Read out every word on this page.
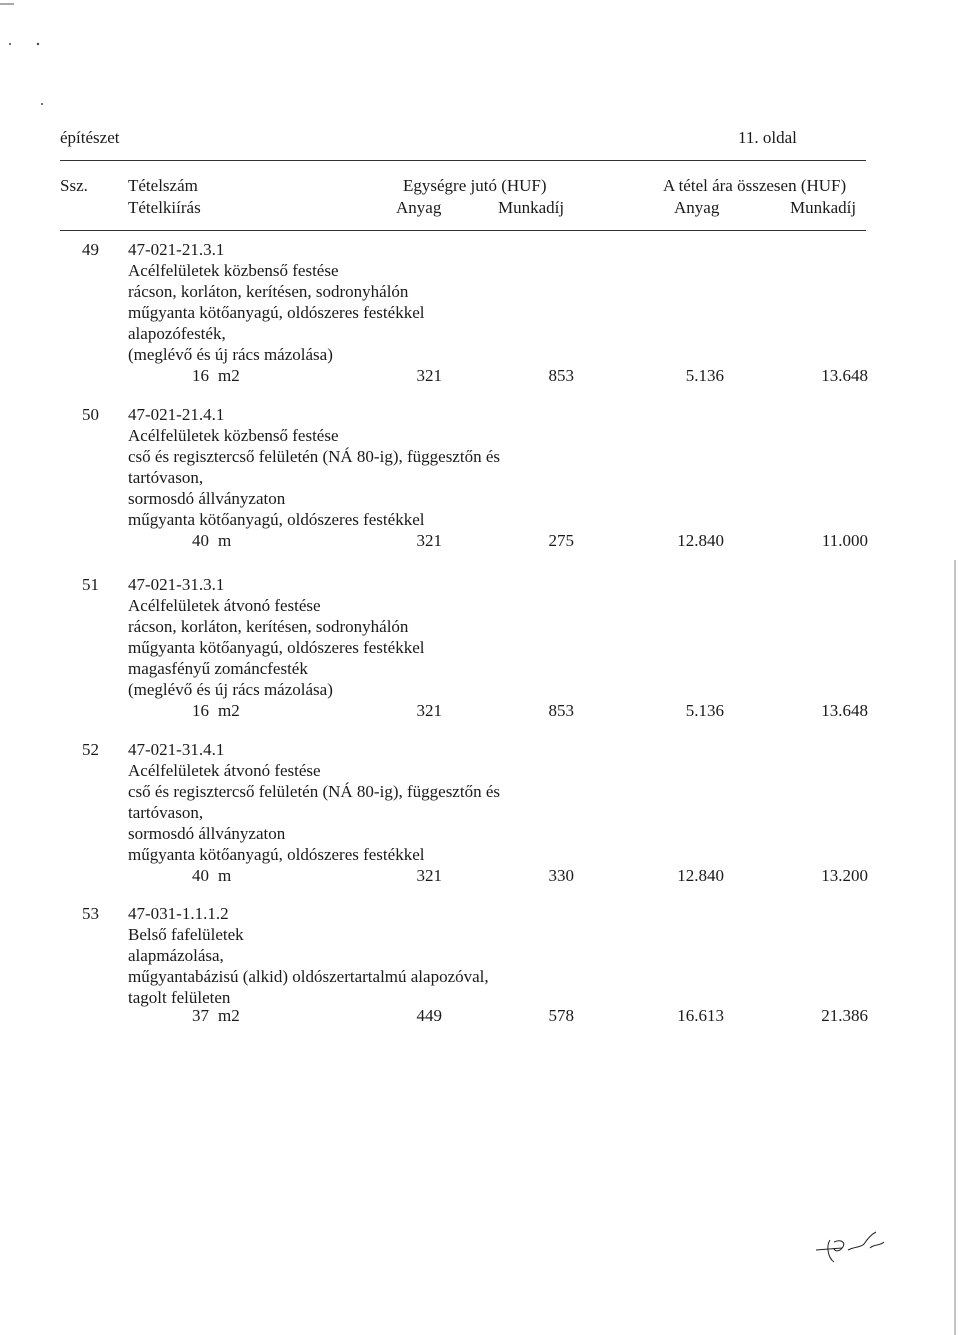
építészet	11. oldal
Ssz. Tételszám
Tételkiírás
Egységre jutó (HUF)	A tétel ára összesen (HUF)
Anyag	Munkadíj	Anyag	Munkadíj
49 47-021-21.3.1
Acélfelületek közbenső festése
rácson, korláton, kerítésen, sodronyhálón
műgyanta kötőanyagú, oldószeres festékkel
alapozófesték,
(meglévő és új rács mázolása)
16 m2	321	853	5.136	13.648
50 47-021-21.4.1
Acélfelületek közbenső festése
cső és regisztercső felületén (NÁ 80-ig), függesztőn és
tartóvason,
sormosdó állványzaton
műgyanta kötőanyagú, oldószeres festékkel
40 m	321	275	12.840	11.000
51 47-021-31.3.1
Acélfelületek átvonó festése
rácson, korláton, kerítésen, sodronyhálón
műgyanta kötőanyagú, oldószeres festékkel
magasfényű zománcfesték
(meglévő és új rács mázolása)
16 m2	321	853	5.136	13.648
52 47-021-31.4.1
Acélfelületek átvonó festése
cső és regisztercső felületén (NÁ 80-ig), függesztőn és
tartóvason,
sormosdó állványzaton
műgyanta kötőanyagú, oldószeres festékkel
40 m	321	330	12.840	13.200
53 47-031-1.1.1.2
Belső fafelületek
alapmázolása,
műgyantabázisú (alkid) oldószertartalmú alapozóval,
tagolt felületen
37 m2	449	578	16.613	21.386
